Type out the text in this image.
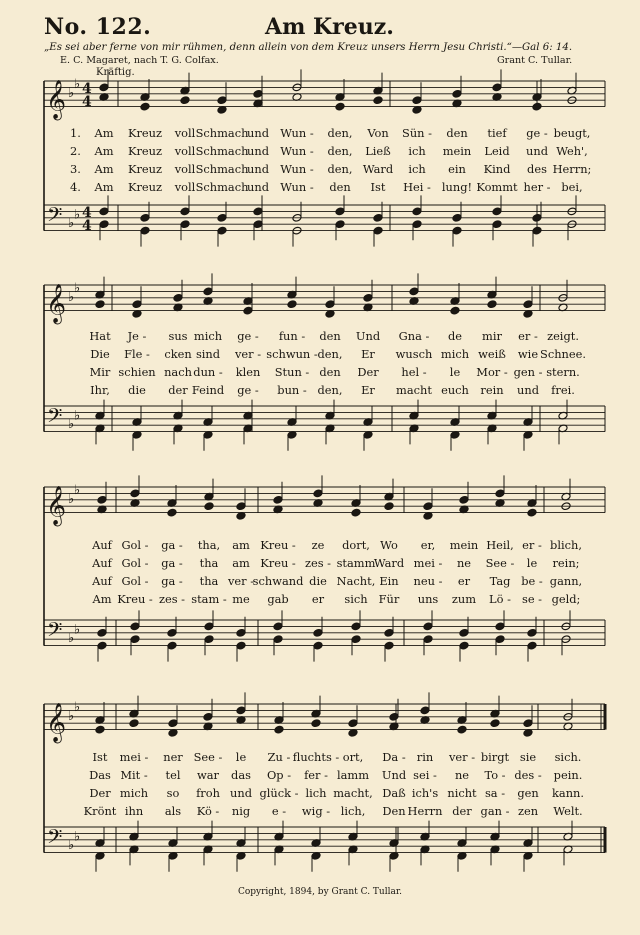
No. 122.	Am Kreuz.
„Es sei aber ferne von mir rühmen, denn allein von dem Kreuz unsers Herrn Jesu Christi.“—Gal 6: 14.
E. C. Magaret, nach T. G. Colfax.	Grant C. Tullar.
Kräftig.
𝄞
𝄢
♭
♭
♭
♭
4
4
4
4
𝄞
𝄢
♭
♭
♭
♭
𝄞
𝄢
♭
♭
♭
♭
𝄞
𝄢
♭
♭
♭
♭
1. Am Kreuz voll Schmach
und Wun - den, Von Sün - den tief ge - beugt,
2. Am Kreuz voll Schmach
und Wun - den, Ließ ich mein Leid und Weh',
3. Am Kreuz voll Schmach
und Wun - den, Ward ich ein Kind des Herrn;
4. Am Kreuz voll Schmach
und Wun - den Ist Hei - lung! Kommt her - bei,
Hat Je - sus mich ge - fun - den Und Gna - de mir er - zeigt.
Die Fle - cken sind ver - schwun - den, Er wusch mich weiß wie Schnee.
Mir schien nach dun - klen Stun - den Der hel - le Mor - gen - stern.
Ihr, die der Feind ge - bun - den, Er macht euch rein und frei.
Auf Gol - ga - tha, am Kreu - ze dort, Wo er, mein Heil, er - blich,
Auf Gol - ga - tha am Kreu - zes - stamm
Ward mei - ne See - le rein;
Auf Gol - ga - tha ver -
schwand die Nacht, Ein neu - er Tag be - gann,
Am Kreu - zes - stam - me gab er sich Für uns zum Lö - se - geld;
Ist mei - ner See - le Zu - fluchts - ort, Da - rin ver - birgt sie sich.
Das Mit - tel war das Op - fer - lamm Und sei - ne To - des - pein.
Der mich so froh und glück - lich macht, Daß ich's nicht sa - gen kann.
Krönt ihn als Kö - nig e - wig - lich, Den Herrn der gan - zen Welt.
Copyright, 1894, by Grant C. Tullar.
